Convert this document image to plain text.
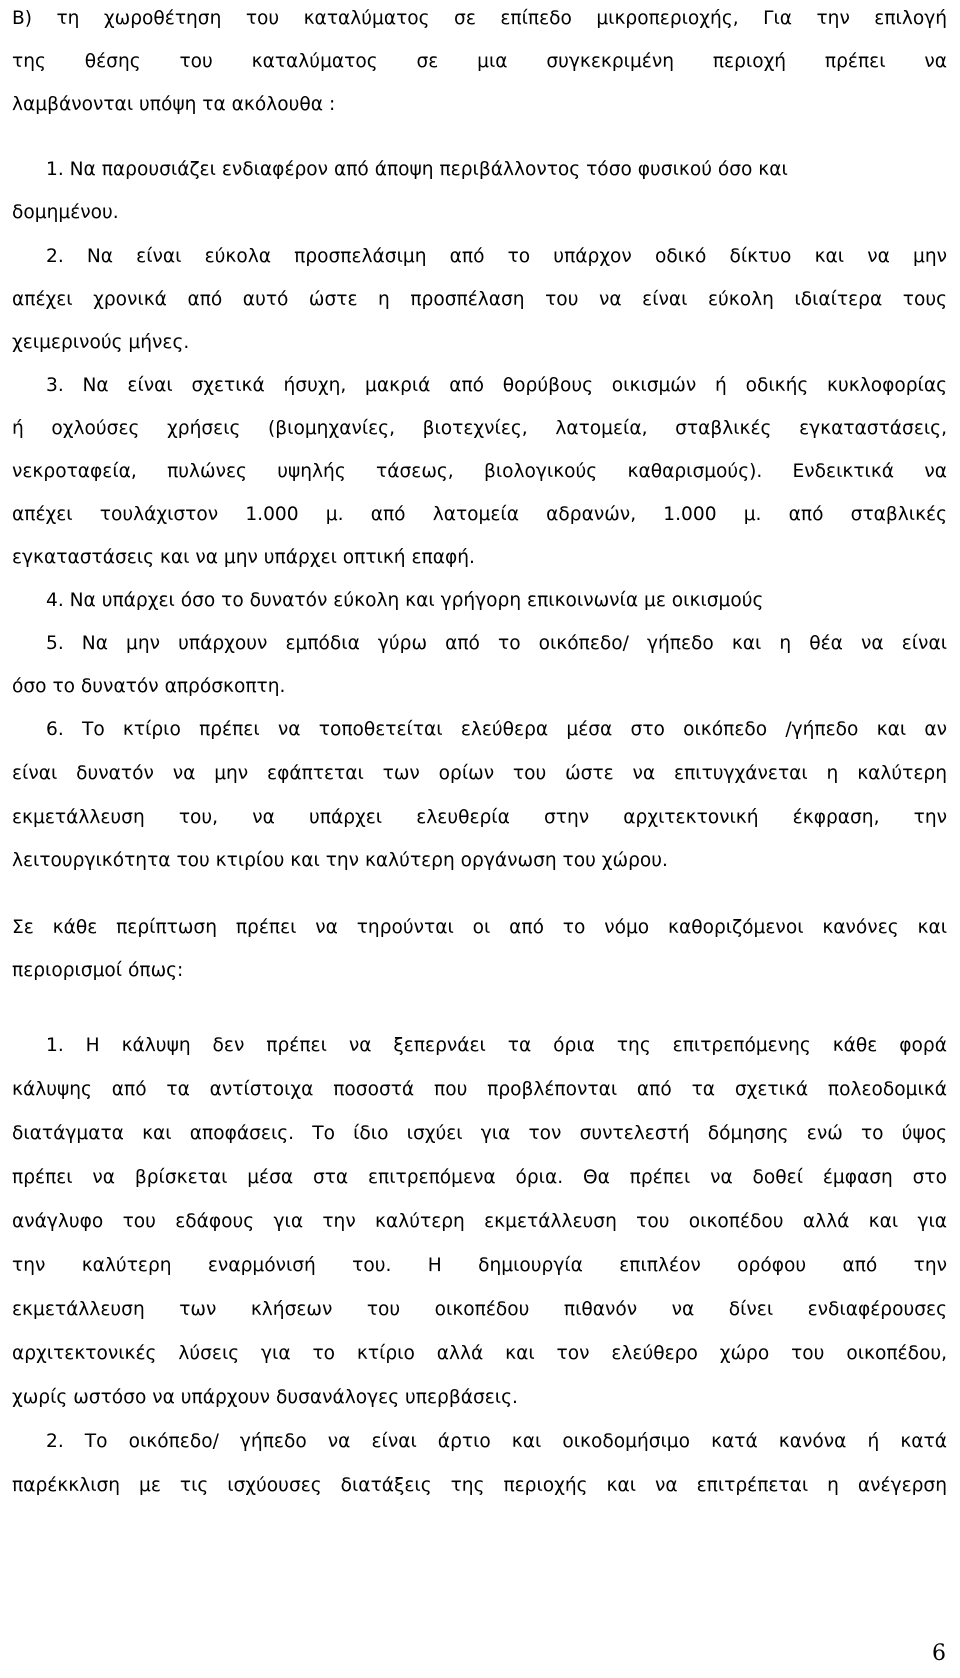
Β) τη χωροθέτηση του καταλύματος σε επίπεδο μικροπεριοχής, Για την επιλογή
της θέσης του καταλύματος σε μια συγκεκριμένη περιοχή πρέπει να
λαμβάνονται υπόψη τα ακόλουθα :
1. Να παρουσιάζει ενδιαφέρον από άποψη περιβάλλοντος τόσο φυσικού όσο και
δομημένου.
2. Να είναι εύκολα προσπελάσιμη από το υπάρχον οδικό δίκτυο και να μην
απέχει χρονικά από αυτό ώστε η προσπέλαση του να είναι εύκολη ιδιαίτερα τους
χειμερινούς μήνες.
3. Να είναι σχετικά ήσυχη, μακριά από θορύβους οικισμών ή οδικής κυκλοφορίας
ή οχλούσες χρήσεις (βιομηχανίες, βιοτεχνίες, λατομεία, σταβλικές εγκαταστάσεις,
νεκροταφεία, πυλώνες υψηλής τάσεως, βιολογικούς καθαρισμούς). Ενδεικτικά να
απέχει τουλάχιστον 1.000 μ. από λατομεία αδρανών, 1.000 μ. από σταβλικές
εγκαταστάσεις και να μην υπάρχει οπτική επαφή.
4. Να υπάρχει όσο το δυνατόν εύκολη και γρήγορη επικοινωνία με οικισμούς
5. Να μην υπάρχουν εμπόδια γύρω από το οικόπεδο/ γήπεδο και η θέα να είναι
όσο το δυνατόν απρόσκοπτη.
6. Το κτίριο πρέπει να τοποθετείται ελεύθερα μέσα στο οικόπεδο /γήπεδο και αν
είναι δυνατόν να μην εφάπτεται των ορίων του ώστε να επιτυγχάνεται η καλύτερη
εκμετάλλευση του, να υπάρχει ελευθερία στην αρχιτεκτονική έκφραση, την
λειτουργικότητα του κτιρίου και την καλύτερη οργάνωση του χώρου.
Σε κάθε περίπτωση πρέπει να τηρούνται οι από το νόμο καθοριζόμενοι κανόνες και
περιορισμοί όπως:
1. Η κάλυψη δεν πρέπει να ξεπερνάει τα όρια της επιτρεπόμενης κάθε φορά
κάλυψης από τα αντίστοιχα ποσοστά που προβλέπονται από τα σχετικά πολεοδομικά
διατάγματα και αποφάσεις. Το ίδιο ισχύει για τον συντελεστή δόμησης ενώ το ύψος
πρέπει να βρίσκεται μέσα στα επιτρεπόμενα όρια. Θα πρέπει να δοθεί έμφαση στο
ανάγλυφο του εδάφους για την καλύτερη εκμετάλλευση του οικοπέδου αλλά και για
την καλύτερη εναρμόνισή του. Η δημιουργία επιπλέον ορόφου από την
εκμετάλλευση των κλήσεων του οικοπέδου πιθανόν να δίνει ενδιαφέρουσες
αρχιτεκτονικές λύσεις για το κτίριο αλλά και τον ελεύθερο χώρο του οικοπέδου,
χωρίς ωστόσο να υπάρχουν δυσανάλογες υπερβάσεις.
2. Το οικόπεδο/ γήπεδο να είναι άρτιο και οικοδομήσιμο κατά κανόνα ή κατά
παρέκκλιση με τις ισχύουσες διατάξεις της περιοχής και να επιτρέπεται η ανέγερση
6
